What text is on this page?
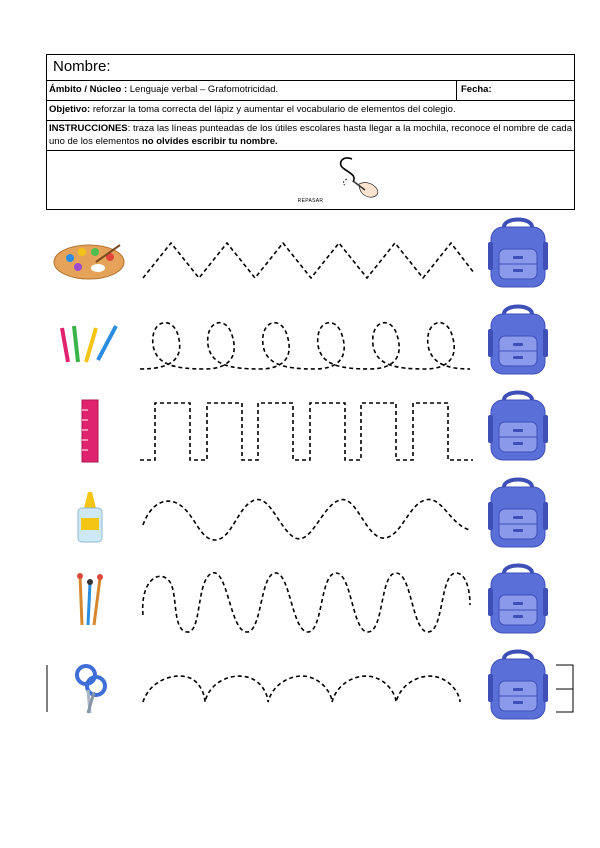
Nombre:
Ámbito / Núcleo : Lenguaje verbal – Grafomotricidad.	Fecha:
Objetivo: reforzar la toma correcta del lápiz y aumentar el vocabulario de elementos del colegio.
INSTRUCCIONES: traza las líneas punteadas de los útiles escolares hasta llegar a la mochila, reconoce el nombre de cada uno de los elementos no olvides escribir tu nombre.
REPASAR
